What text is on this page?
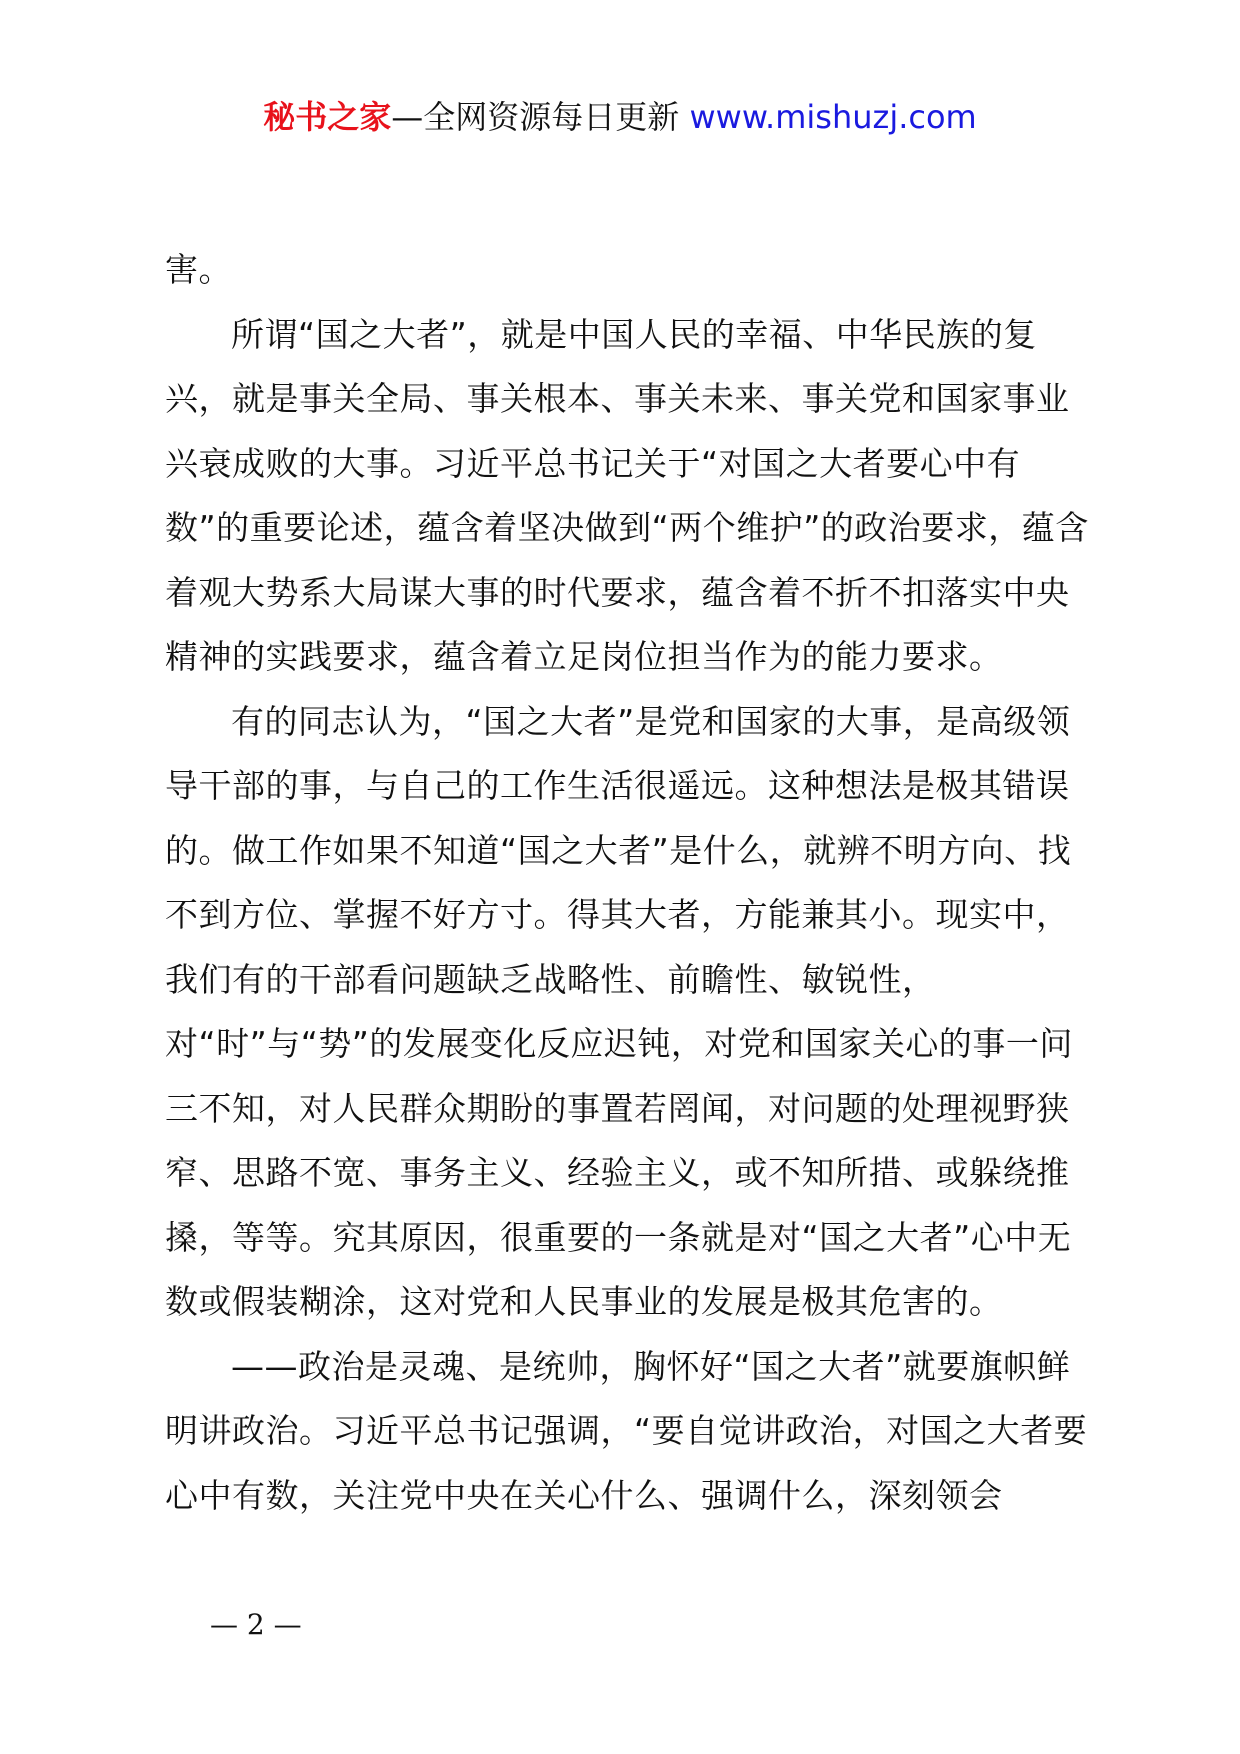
秘书之家—全网资源每日更新 www.mishuzj.com

害。

所谓“国之大者”，就是中国人民的幸福、中华民族的复兴，就是事关全局、事关根本、事关未来、事关党和国家事业兴衰成败的大事。习近平总书记关于“对国之大者要心中有数”的重要论述，蕴含着坚决做到“两个维护”的政治要求，蕴含着观大势系大局谋大事的时代要求，蕴含着不折不扣落实中央精神的实践要求，蕴含着立足岗位担当作为的能力要求。

有的同志认为，“国之大者”是党和国家的大事，是高级领导干部的事，与自己的工作生活很遥远。这种想法是极其错误的。做工作如果不知道“国之大者”是什么，就辨不明方向、找不到方位、掌握不好方寸。得其大者，方能兼其小。现实中，我们有的干部看问题缺乏战略性、前瞻性、敏锐性，对“时”与“势”的发展变化反应迟钝，对党和国家关心的事一问三不知，对人民群众期盼的事置若罔闻，对问题的处理视野狭窄、思路不宽、事务主义、经验主义，或不知所措、或躲绕推搡，等等。究其原因，很重要的一条就是对“国之大者”心中无数或假装糊涂，这对党和人民事业的发展是极其危害的。

——政治是灵魂、是统帅，胸怀好“国之大者”就要旗帜鲜明讲政治。习近平总书记强调，“要自觉讲政治，对国之大者要心中有数，关注党中央在关心什么、强调什么，深刻领会

— 2 —
